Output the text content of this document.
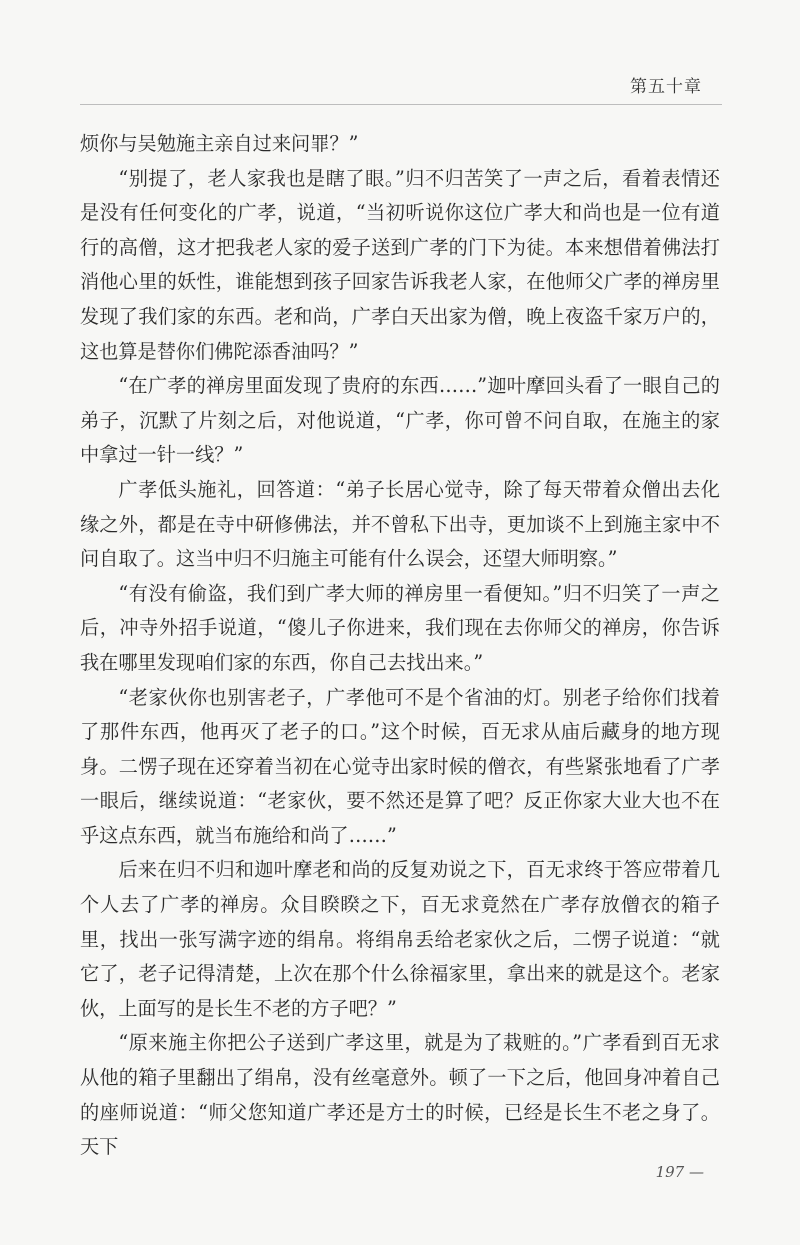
第五十章

烦你与吴勉施主亲自过来问罪？”

“别提了，老人家我也是瞎了眼。”归不归苦笑了一声之后，看着表情还是没有任何变化的广孝，说道，“当初听说你这位广孝大和尚也是一位有道行的高僧，这才把我老人家的爱子送到广孝的门下为徒。本来想借着佛法打消他心里的妖性，谁能想到孩子回家告诉我老人家，在他师父广孝的禅房里发现了我们家的东西。老和尚，广孝白天出家为僧，晚上夜盗千家万户的，这也算是替你们佛陀添香油吗？”

“在广孝的禅房里面发现了贵府的东西……”迦叶摩回头看了一眼自己的弟子，沉默了片刻之后，对他说道，“广孝，你可曾不问自取，在施主的家中拿过一针一线？”

广孝低头施礼，回答道：“弟子长居心觉寺，除了每天带着众僧出去化缘之外，都是在寺中研修佛法，并不曾私下出寺，更加谈不上到施主家中不问自取了。这当中归不归施主可能有什么误会，还望大师明察。”

“有没有偷盗，我们到广孝大师的禅房里一看便知。”归不归笑了一声之后，冲寺外招手说道，“傻儿子你进来，我们现在去你师父的禅房，你告诉我在哪里发现咱们家的东西，你自己去找出来。”

“老家伙你也别害老子，广孝他可不是个省油的灯。别老子给你们找着了那件东西，他再灭了老子的口。”这个时候，百无求从庙后藏身的地方现身。二愣子现在还穿着当初在心觉寺出家时候的僧衣，有些紧张地看了广孝一眼后，继续说道：“老家伙，要不然还是算了吧？反正你家大业大也不在乎这点东西，就当布施给和尚了……”

后来在归不归和迦叶摩老和尚的反复劝说之下，百无求终于答应带着几个人去了广孝的禅房。众目睽睽之下，百无求竟然在广孝存放僧衣的箱子里，找出一张写满字迹的绢帛。将绢帛丢给老家伙之后，二愣子说道：“就它了，老子记得清楚，上次在那个什么徐福家里，拿出来的就是这个。老家伙，上面写的是长生不老的方子吧？”

“原来施主你把公子送到广孝这里，就是为了栽赃的。”广孝看到百无求从他的箱子里翻出了绢帛，没有丝毫意外。顿了一下之后，他回身冲着自己的座师说道：“师父您知道广孝还是方士的时候，已经是长生不老之身了。天下

197 —
